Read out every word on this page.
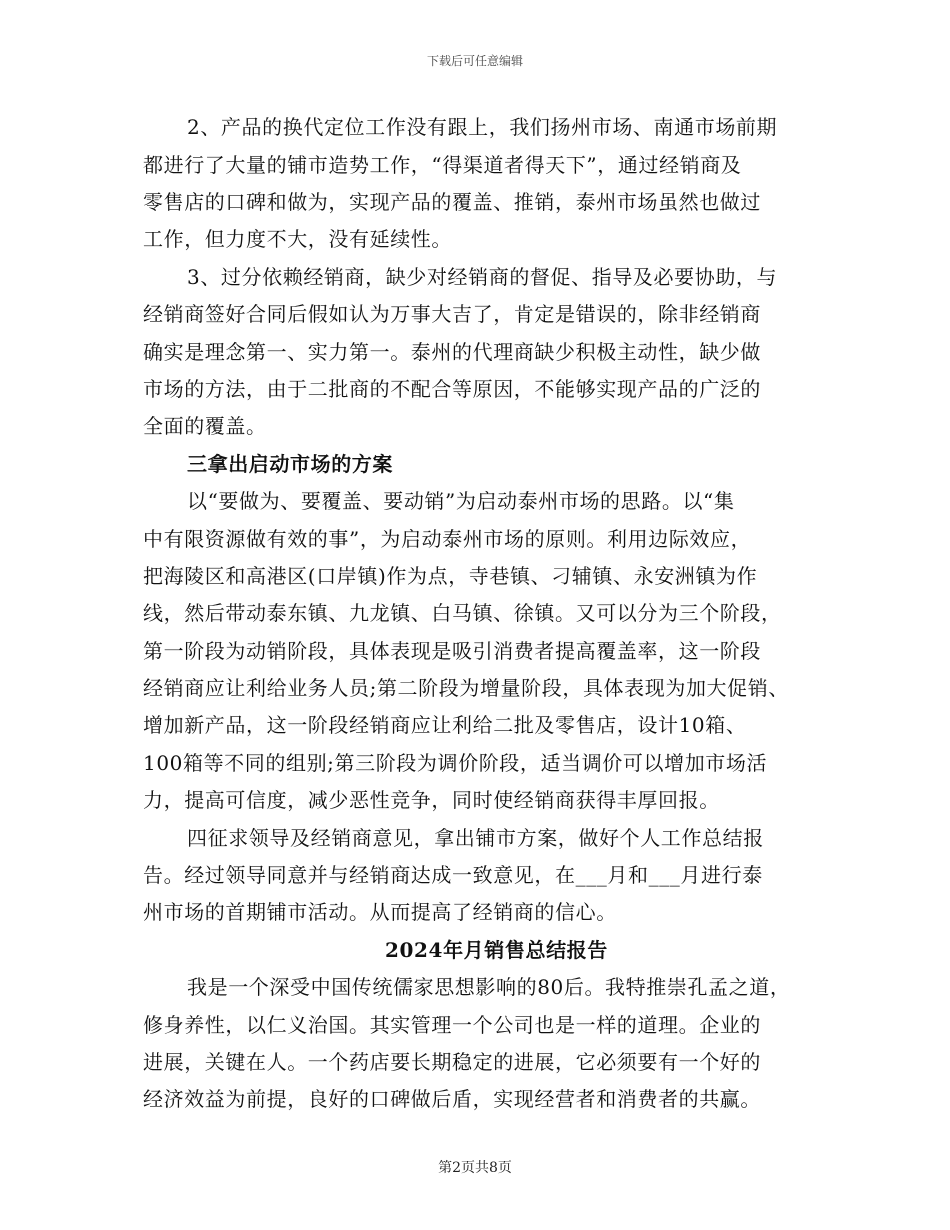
下载后可任意编辑
2、产品的换代定位工作没有跟上，我们扬州市场、南通市场前期
都进行了大量的铺市造势工作，“得渠道者得天下”，通过经销商及
零售店的口碑和做为，实现产品的覆盖、推销，泰州市场虽然也做过
工作，但力度不大，没有延续性。
3、过分依赖经销商，缺少对经销商的督促、指导及必要协助，与
经销商签好合同后假如认为万事大吉了，肯定是错误的，除非经销商
确实是理念第一、实力第一。泰州的代理商缺少积极主动性，缺少做
市场的方法，由于二批商的不配合等原因，不能够实现产品的广泛的
全面的覆盖。
三拿出启动市场的方案
以“要做为、要覆盖、要动销”为启动泰州市场的思路。以“集
中有限资源做有效的事”，为启动泰州市场的原则。利用边际效应，
把海陵区和高港区(口岸镇)作为点，寺巷镇、刁辅镇、永安洲镇为作
线，然后带动泰东镇、九龙镇、白马镇、徐镇。又可以分为三个阶段，
第一阶段为动销阶段，具体表现是吸引消费者提高覆盖率，这一阶段
经销商应让利给业务人员;第二阶段为增量阶段，具体表现为加大促销、
增加新产品，这一阶段经销商应让利给二批及零售店，设计10箱、
100箱等不同的组别;第三阶段为调价阶段，适当调价可以增加市场活
力，提高可信度，减少恶性竞争，同时使经销商获得丰厚回报。
四征求领导及经销商意见，拿出铺市方案，做好个人工作总结报
告。经过领导同意并与经销商达成一致意见，在___月和___月进行泰
州市场的首期铺市活动。从而提高了经销商的信心。
2024年月销售总结报告
我是一个深受中国传统儒家思想影响的80后。我特推崇孔孟之道，
修身养性，以仁义治国。其实管理一个公司也是一样的道理。企业的
进展，关键在人。一个药店要长期稳定的进展，它必须要有一个好的
经济效益为前提，良好的口碑做后盾，实现经营者和消费者的共赢。
第2页共8页
